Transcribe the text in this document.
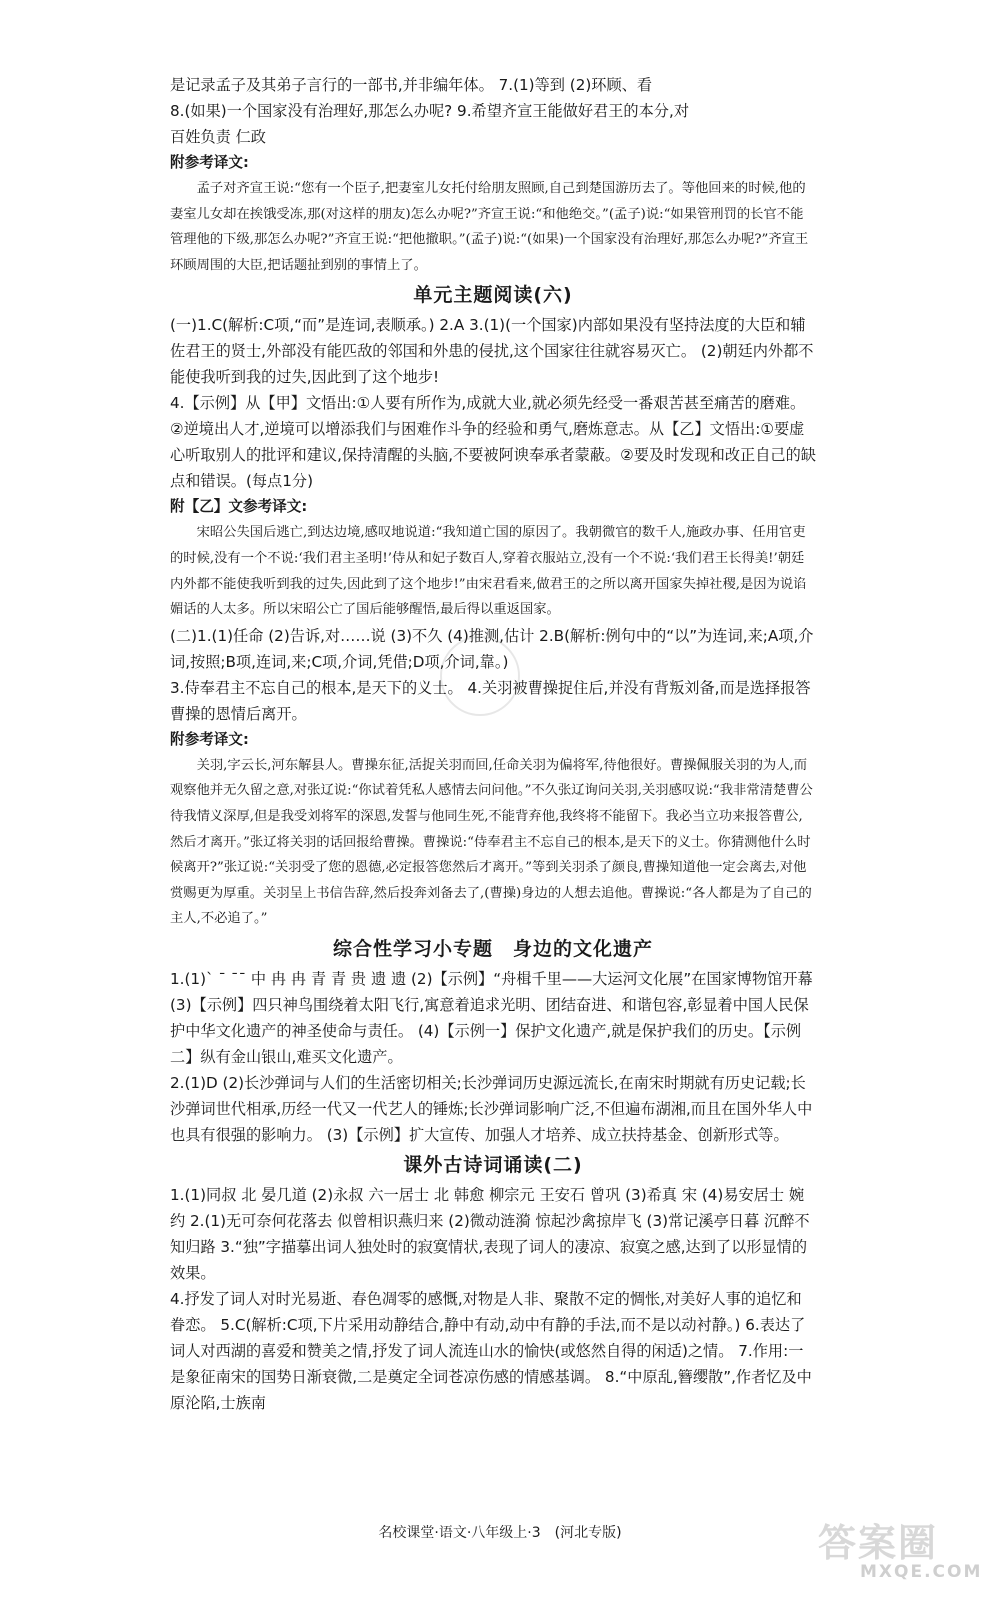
是记录孟子及其弟子言行的一部书,并非编年体。 7.(1)等到 (2)环顾、看

8.(如果)一个国家没有治理好,那怎么办呢? 9.希望齐宣王能做好君王的本分,对

百姓负责 仁政

附参考译文:

孟子对齐宣王说:“您有一个臣子,把妻室儿女托付给朋友照顾,自己到楚国游历去了。等他回来的时候,他的妻室儿女却在挨饿受冻,那(对这样的朋友)怎么办呢?”齐宣王说:“和他绝交。”(孟子)说:“如果管刑罚的长官不能管理他的下级,那怎么办呢?”齐宣王说:“把他撤职。”(孟子)说:“(如果)一个国家没有治理好,那怎么办呢?”齐宣王环顾周围的大臣,把话题扯到别的事情上了。

单元主题阅读(六)

(一)1.C(解析:C项,“而”是连词,表顺承。) 2.A 3.(1)(一个国家)内部如果没有坚持法度的大臣和辅佐君王的贤士,外部没有能匹敌的邻国和外患的侵扰,这个国家往往就容易灭亡。 (2)朝廷内外都不能使我听到我的过失,因此到了这个地步!

4.【示例】从【甲】文悟出:①人要有所作为,成就大业,就必须先经受一番艰苦甚至痛苦的磨难。②逆境出人才,逆境可以增添我们与困难作斗争的经验和勇气,磨炼意志。从【乙】文悟出:①要虚心听取别人的批评和建议,保持清醒的头脑,不要被阿谀奉承者蒙蔽。②要及时发现和改正自己的缺点和错误。(每点1分)

附【乙】文参考译文:

宋昭公失国后逃亡,到达边境,感叹地说道:“我知道亡国的原因了。我朝微官的数千人,施政办事、任用官吏的时候,没有一个不说:‘我们君主圣明!’侍从和妃子数百人,穿着衣服站立,没有一个不说:‘我们君王长得美!’朝廷内外都不能使我听到我的过失,因此到了这个地步!”由宋君看来,做君王的之所以离开国家失掉社稷,是因为说谄媚话的人太多。所以宋昭公亡了国后能够醒悟,最后得以重返国家。

(二)1.(1)任命 (2)告诉,对……说 (3)不久 (4)推测,估计 2.B(解析:例句中的“以”为连词,来;A项,介词,按照;B项,连词,来;C项,介词,凭借;D项,介词,靠。)

3.侍奉君主不忘自己的根本,是天下的义士。 4.关羽被曹操捉住后,并没有背叛刘备,而是选择报答曹操的恩情后离开。

附参考译文:

关羽,字云长,河东解县人。曹操东征,活捉关羽而回,任命关羽为偏将军,待他很好。曹操佩服关羽的为人,而观察他并无久留之意,对张辽说:“你试着凭私人感情去问问他。”不久张辽询问关羽,关羽感叹说:“我非常清楚曹公待我情义深厚,但是我受刘将军的深恩,发誓与他同生死,不能背弃他,我终将不能留下。我必当立功来报答曹公,然后才离开。”张辽将关羽的话回报给曹操。曹操说:“侍奉君主不忘自己的根本,是天下的义士。你猜测他什么时候离开?”张辽说:“关羽受了您的恩德,必定报答您然后才离开。”等到关羽杀了颜良,曹操知道他一定会离去,对他赏赐更为厚重。关羽呈上书信告辞,然后投奔刘备去了,(曹操)身边的人想去追他。曹操说:“各人都是为了自己的主人,不必追了。”

综合性学习小专题　身边的文化遗产

1.(1)` ˉ ˉˉ 中 冉 冉 青 青 贵 遗 遗 (2)【示例】“舟楫千里——大运河文化展”在国家博物馆开幕 (3)【示例】四只神鸟围绕着太阳飞行,寓意着追求光明、团结奋进、和谐包容,彰显着中国人民保护中华文化遗产的神圣使命与责任。 (4)【示例一】保护文化遗产,就是保护我们的历史。【示例二】纵有金山银山,难买文化遗产。

2.(1)D (2)长沙弹词与人们的生活密切相关;长沙弹词历史源远流长,在南宋时期就有历史记载;长沙弹词世代相承,历经一代又一代艺人的锤炼;长沙弹词影响广泛,不但遍布湖湘,而且在国外华人中也具有很强的影响力。 (3)【示例】扩大宣传、加强人才培养、成立扶持基金、创新形式等。

课外古诗词诵读(二)

1.(1)同叔 北 晏几道 (2)永叔 六一居士 北 韩愈 柳宗元 王安石 曾巩 (3)希真 宋 (4)易安居士 婉约 2.(1)无可奈何花落去 似曾相识燕归来 (2)微动涟漪 惊起沙禽掠岸飞 (3)常记溪亭日暮 沉醉不知归路 3.“独”字描摹出词人独处时的寂寞情状,表现了词人的凄凉、寂寞之感,达到了以形显情的效果。

4.抒发了词人对时光易逝、春色凋零的感慨,对物是人非、聚散不定的惆怅,对美好人事的追忆和眷恋。 5.C(解析:C项,下片采用动静结合,静中有动,动中有静的手法,而不是以动衬静。) 6.表达了词人对西湖的喜爱和赞美之情,抒发了词人流连山水的愉快(或悠然自得的闲适)之情。 7.作用:一是象征南宋的国势日渐衰微,二是奠定全词苍凉伤感的情感基调。 8.“中原乱,簪缨散”,作者忆及中原沦陷,士族南

名校课堂·语文·八年级上·3　(河北专版)	答案圈
MXQE.COM
